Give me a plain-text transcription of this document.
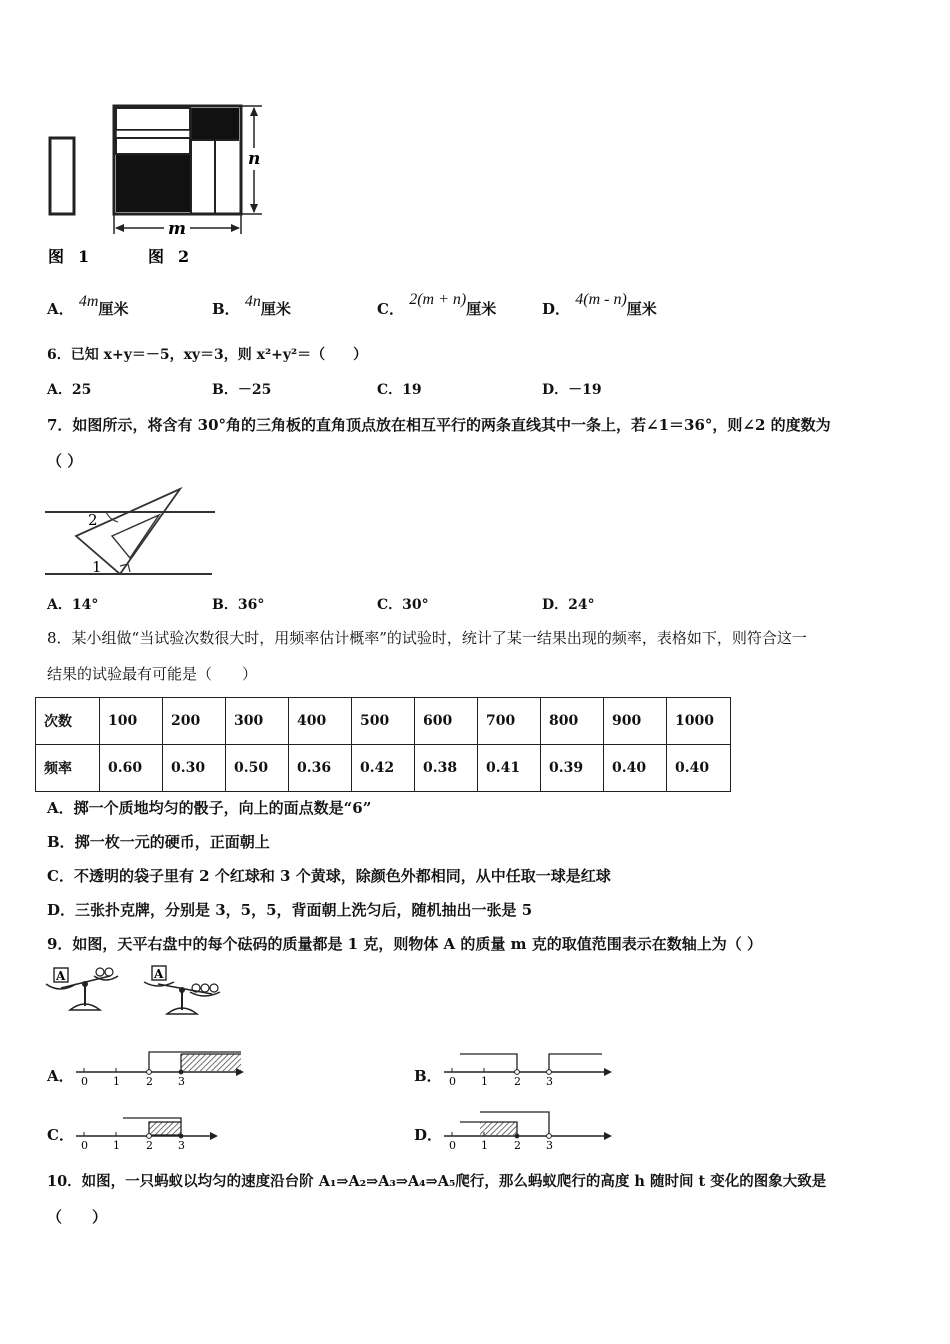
n
m
图 1	图 2
A． 4m厘米	B． 4n厘米	C． 2(m + n)厘米	D． 4(m - n)厘米
6．已知 x+y＝－5，xy＝3，则 x²+y²＝（　　）
A．25	B．－25	C．19	D．－19
7．如图所示，将含有 30°角的三角板的直角顶点放在相互平行的两条直线其中一条上，若∠1＝36°，则∠2 的度数为
（ ）
2
1
A．14°	B．36°	C．30°	D．24°
8．某小组做“当试验次数很大时，用频率估计概率”的试验时，统计了某一结果出现的频率，表格如下，则符合这一
结果的试验最有可能是（　　）
次数	100	200	300	400	500	600	700	800	900	1000
频率	0.60	0.30	0.50	0.36	0.42	0.38	0.41	0.39	0.40	0.40
A．掷一个质地均匀的骰子，向上的面点数是“6”
B．掷一枚一元的硬币，正面朝上
C．不透明的袋子里有 2 个红球和 3 个黄球，除颜色外都相同，从中任取一球是红球
D．三张扑克牌，分别是 3，5，5，背面朝上洗匀后，随机抽出一张是 5
9．如图，天平右盘中的每个砝码的质量都是 1 克，则物体 A 的质量 m 克的取值范围表示在数轴上为（ ）
A	A
A． 0 1 2 3	B． 0 1 2 3
C．
0 1 2 3
D．
0 1 2 3
10．如图，一只蚂蚁以均匀的速度沿台阶 A₁⇒A₂⇒A₃⇒A₄⇒A₅爬行，那么蚂蚁爬行的高度 h 随时间 t 变化的图象大致是
（　　）
